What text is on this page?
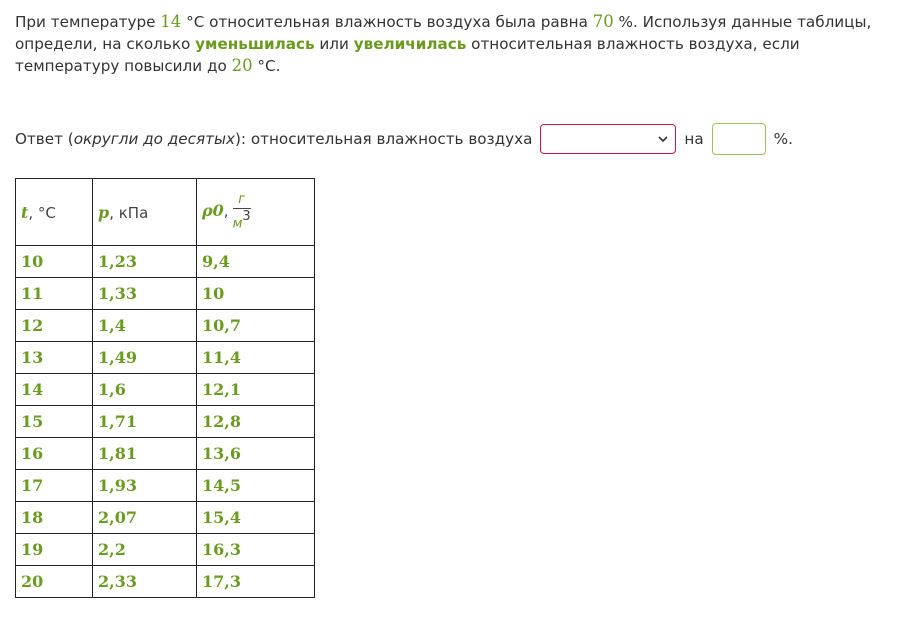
При температуре 14 °C относительная влажность воздуха была равна 70 %. Используя данные таблицы, определи, на сколько уменьшилась или увеличилась относительная влажность воздуха, если температуру повысили до 20 °C.
Ответ ( округли до десятых ): относительная влажность воздуха	на	%.
t, °C	p, кПа	ρ0, $\frac{г}{м^3}$

10	1,23	9,4
11	1,33	10
12	1,4	10,7
13	1,49	11,4
14	1,6	12,1
15	1,71	12,8
16	1,81	13,6
17	1,93	14,5
18	2,07	15,4
19	2,2	16,3
20	2,33	17,3
